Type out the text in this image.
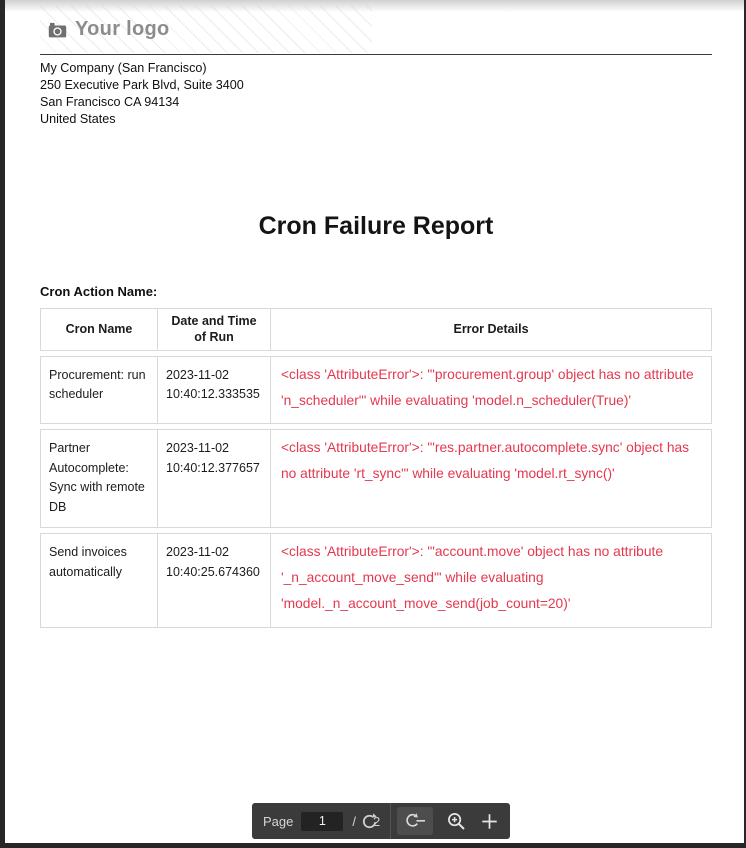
Your logo
My Company (San Francisco)
250 Executive Park Blvd, Suite 3400
San Francisco CA 94134
United States
Cron Failure Report
Cron Action Name:
Cron Name	Date and Time of Run	Error Details
Procurement: run scheduler	2023-11-02 10:40:12.333535	<class 'AttributeError'>: "'procurement.group' object has no attribute 'n_scheduler'" while evaluating 'model.n_scheduler(True)'
Partner Autocomplete: Sync with remote DB	2023-11-02 10:40:12.377657	<class 'AttributeError'>: "'res.partner.autocomplete.sync' object has no attribute 'rt_sync'" while evaluating 'model.rt_sync()'
Send invoices automatically	2023-11-02 10:40:25.674360	<class 'AttributeError'>: "'account.move' object has no attribute '_n_account_move_send'" while evaluating 'model._n_account_move_send(job_count=20)'
Page
1	/ 2
